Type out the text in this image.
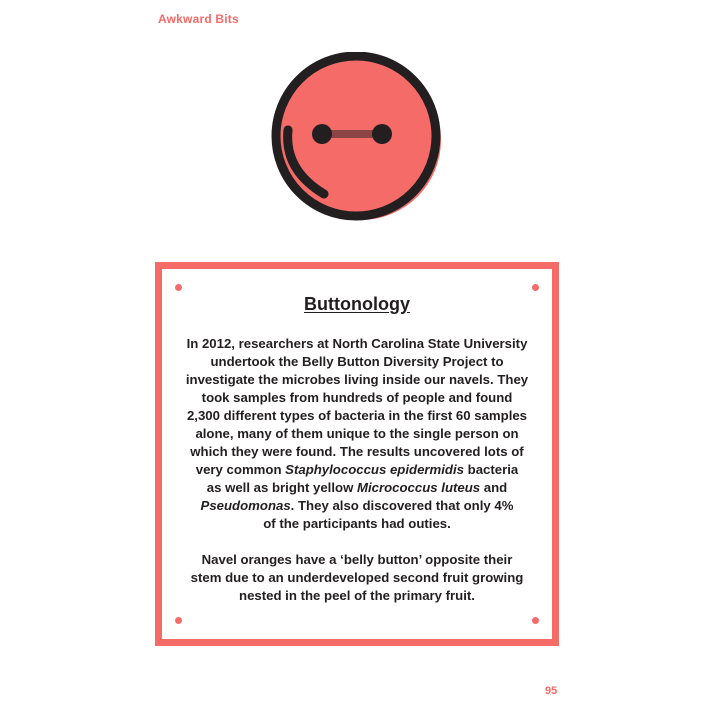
Awkward Bits
Buttonology
In 2012, researchers at North Carolina State University
undertook the Belly Button Diversity Project to
investigate the microbes living inside our navels. They
took samples from hundreds of people and found
2,300 different types of bacteria in the first 60 samples
alone, many of them unique to the single person on
which they were found. The results uncovered lots of
very common Staphylococcus epidermidis bacteria
as well as bright yellow Micrococcus luteus and
Pseudomonas. They also discovered that only 4%
of the participants had outies.
Navel oranges have a ‘belly button’ opposite their
stem due to an underdeveloped second fruit growing
nested in the peel of the primary fruit.
95
